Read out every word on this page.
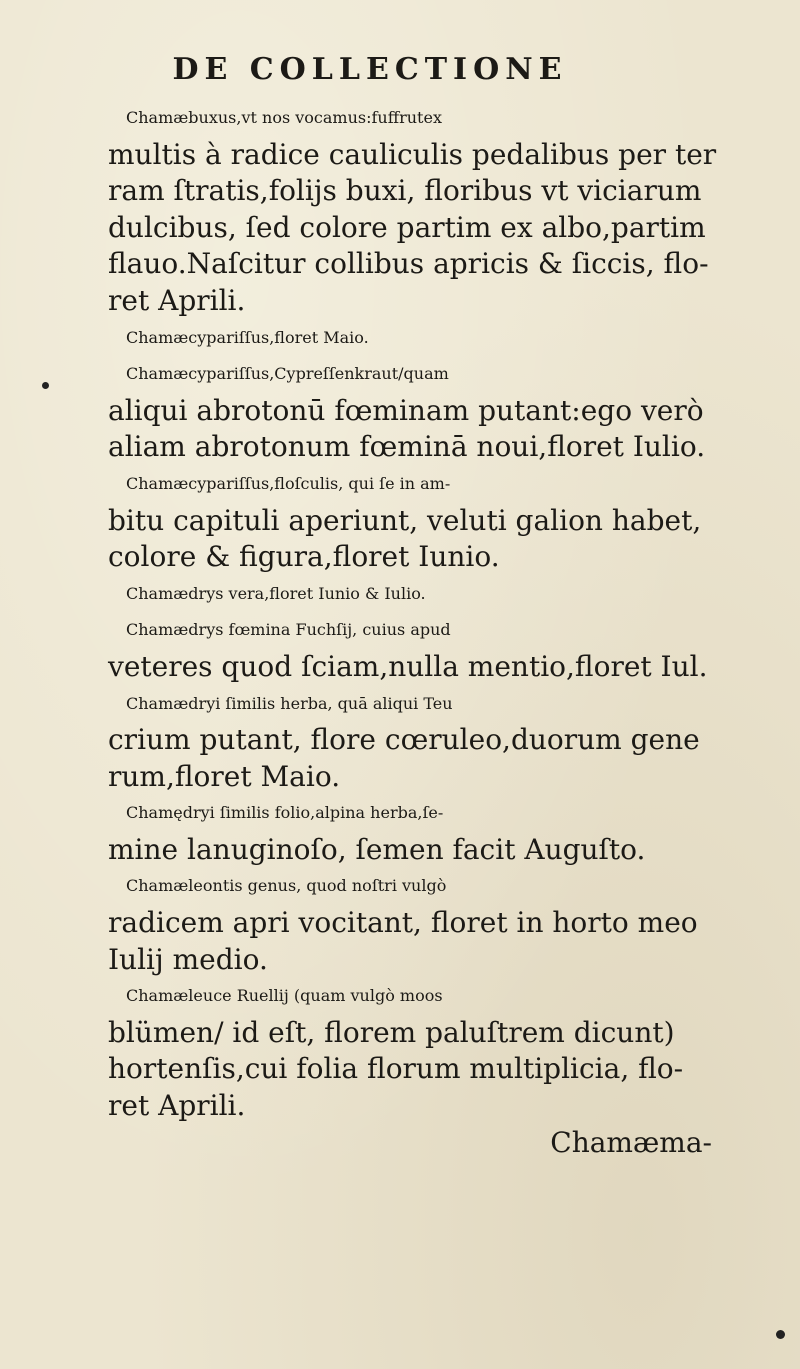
DE COLLECTIONE
Chamæbuxus,vt nos vocamus:fuffrutex
multis à radice cauliculis pedalibus per ter
ram ſtratis,folijs buxi, floribus vt viciarum
dulcibus, ſed colore partim ex albo,partim
flauo.Naſcitur collibus apricis & ſiccis, flo-
ret Aprili.
Chamæcypariſſus,floret Maio.
Chamæcypariſſus,Cypreſſenkraut/quam
aliqui abrotonū fœminam putant:ego verò
aliam abrotonum fœminā noui,floret Iulio.
Chamæcypariſſus,floſculis, qui ſe in am-
bitu capituli aperiunt, veluti galion habet,
colore & figura,floret Iunio.
Chamædrys vera,floret Iunio & Iulio.
Chamædrys fœmina Fuchſij, cuius apud
veteres quod ſciam,nulla mentio,floret Iul.
Chamædryi ſimilis herba, quā aliqui Teu
crium putant, flore cœruleo,duorum gene
rum,floret Maio.
Chamędryi ſimilis folio,alpina herba,ſe-
mine lanuginoſo, ſemen facit Auguſto.
Chamæleontis genus, quod noſtri vulgò
radicem apri vocitant, floret in horto meo
Iulij medio.
Chamæleuce Ruellij (quam vulgò moos
blümen/ id eſt, florem paluſtrem dicunt)
hortenſis,cui folia florum multiplicia, flo-
ret Aprili.
Chamæma-
